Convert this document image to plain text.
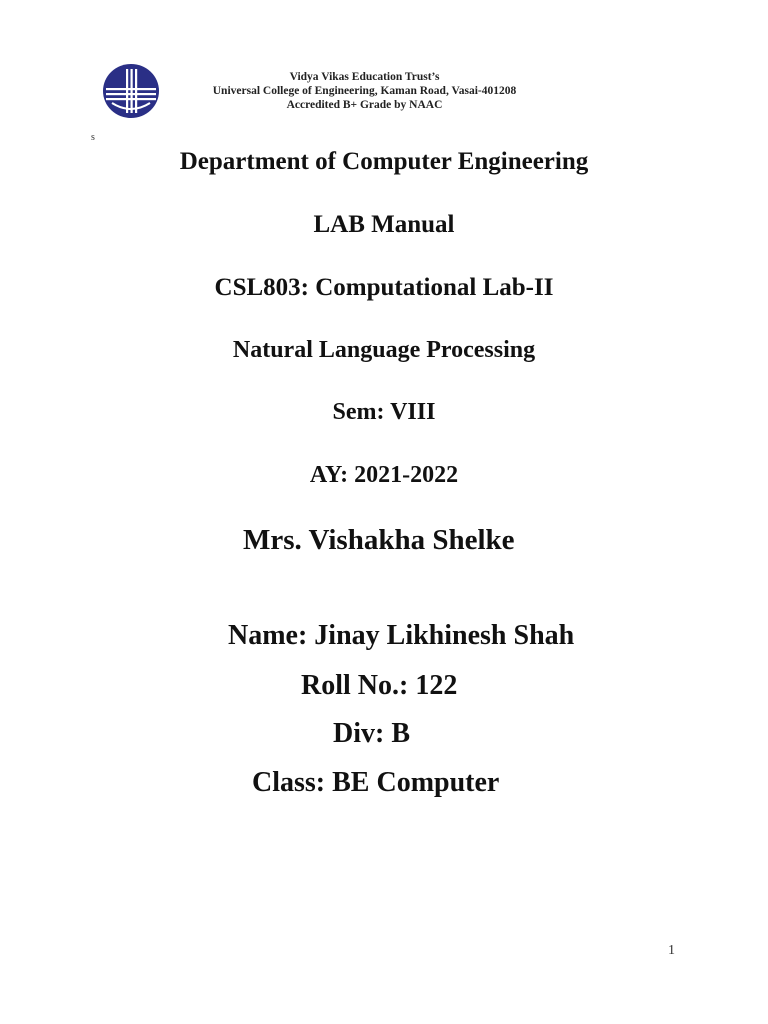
Vidya Vikas Education Trust’s
Universal College of Engineering, Kaman Road, Vasai-401208
Accredited B+ Grade by NAAC
s
Department of Computer Engineering
LAB Manual
CSL803: Computational Lab-II
Natural Language Processing
Sem: VIII
AY: 2021-2022
Mrs. Vishakha Shelke
Name: Jinay Likhinesh Shah
Roll No.: 122
Div: B
Class: BE Computer
1
